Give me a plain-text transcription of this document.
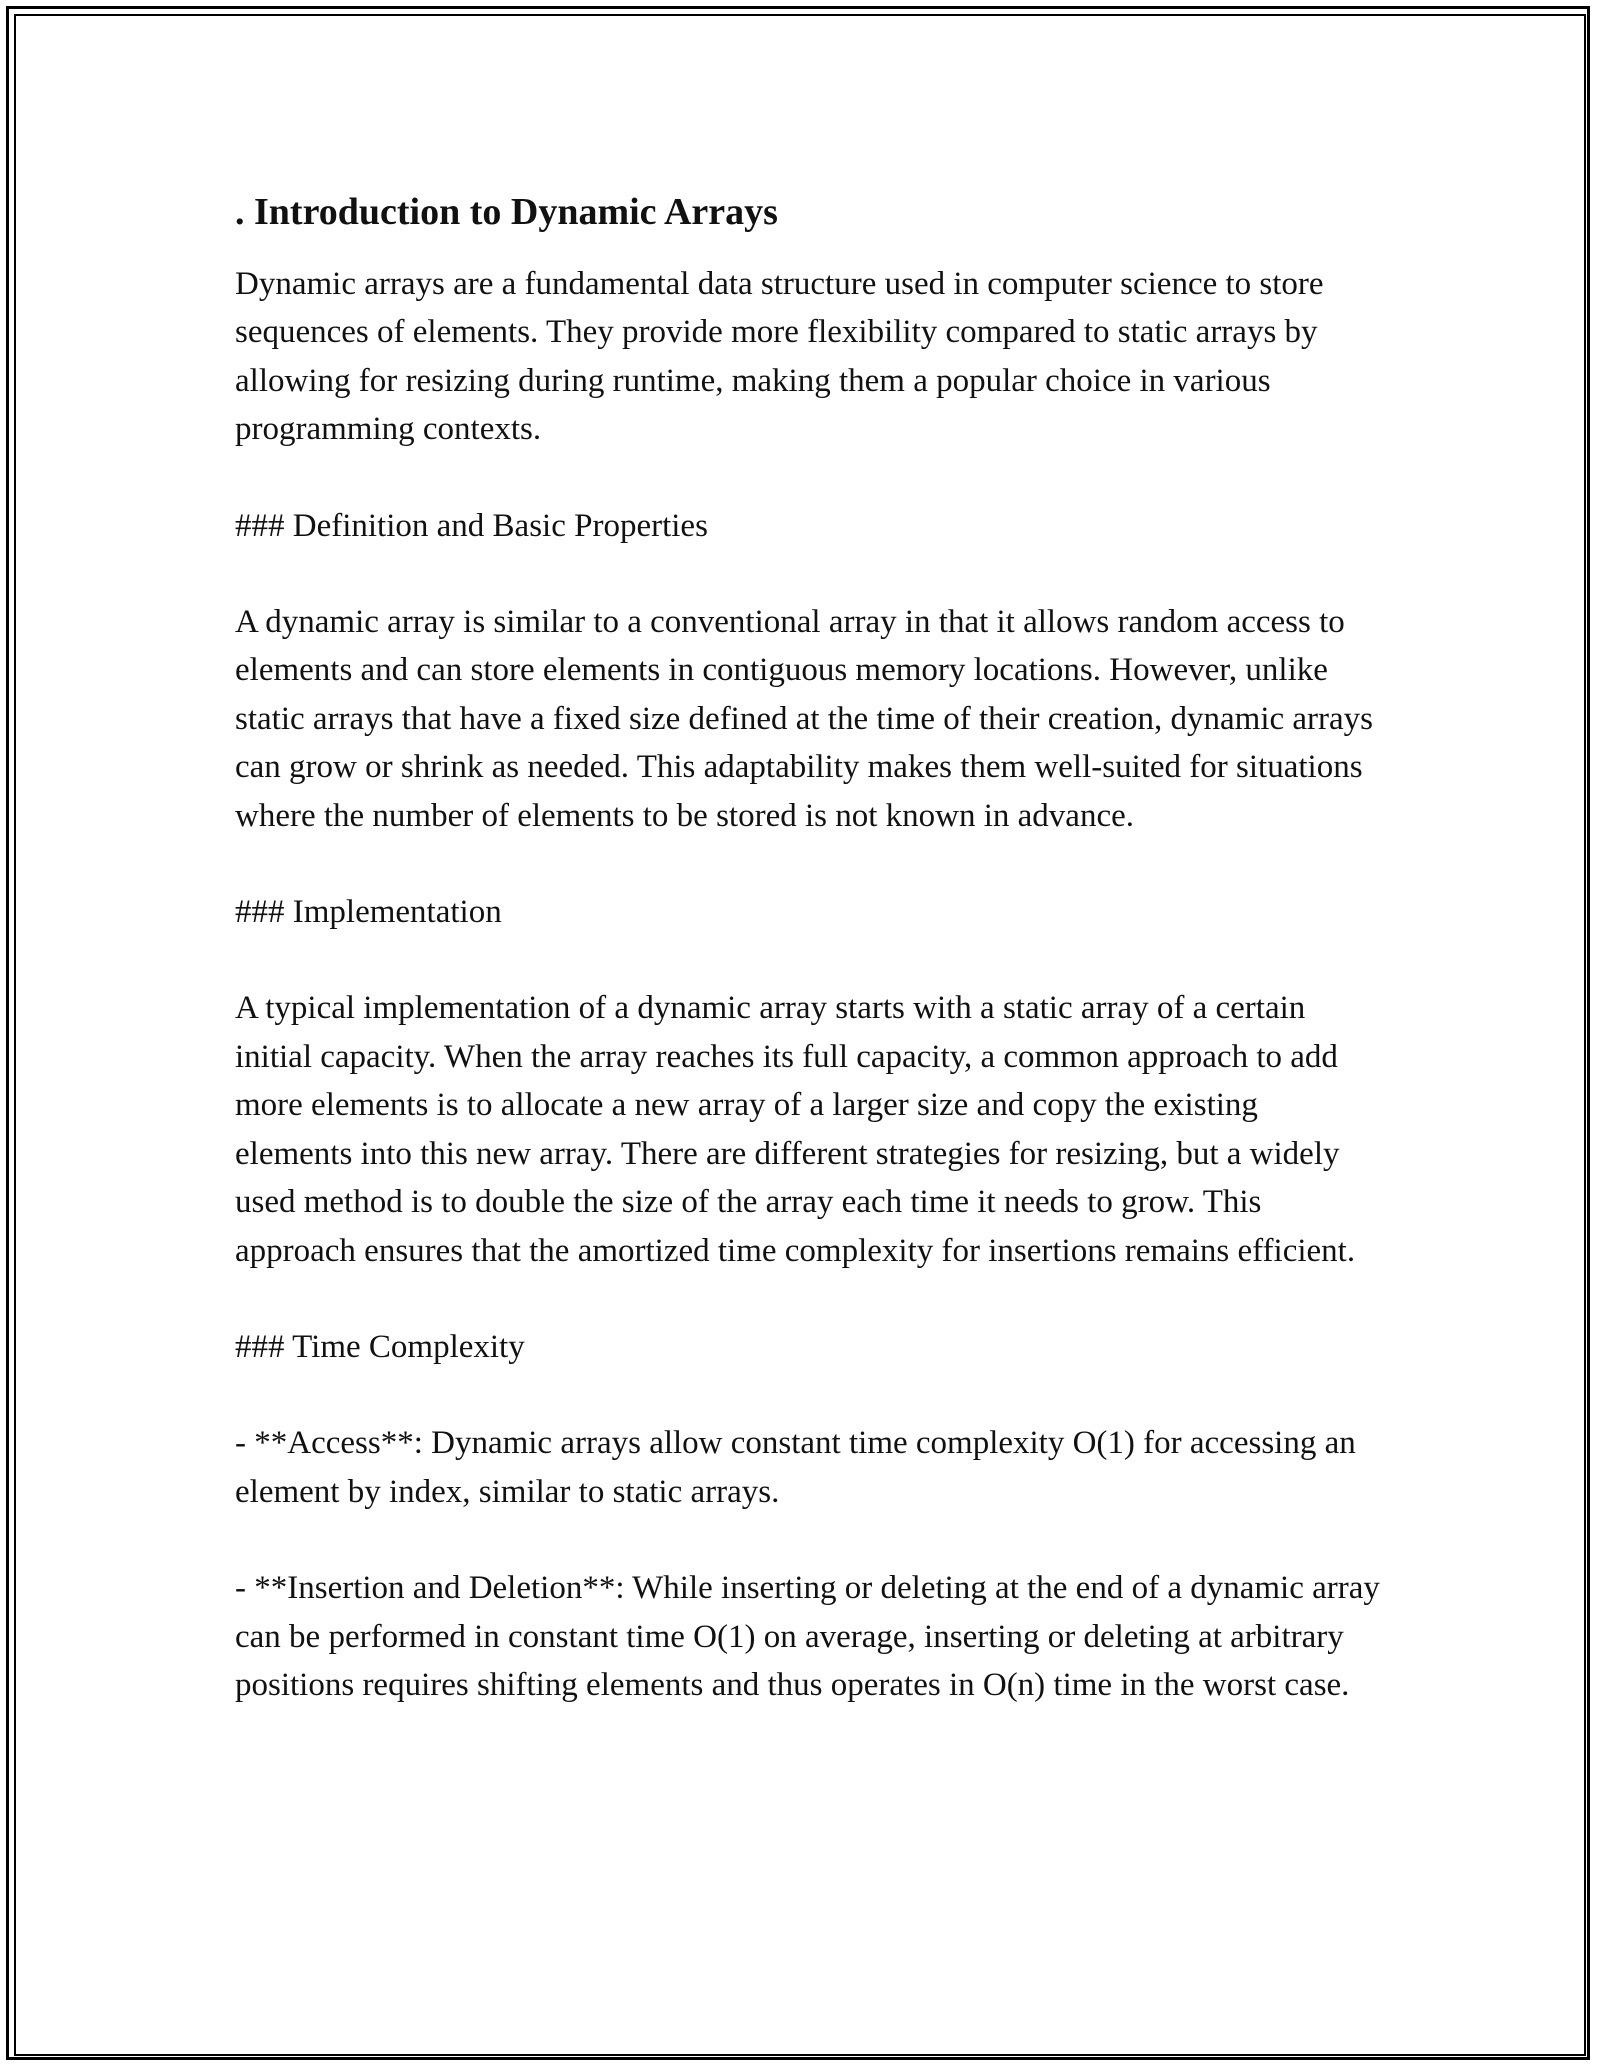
. Introduction to Dynamic Arrays
Dynamic arrays are a fundamental data structure used in computer science to store sequences of elements. They provide more flexibility compared to static arrays by allowing for resizing during runtime, making them a popular choice in various programming contexts.
### Definition and Basic Properties
A dynamic array is similar to a conventional array in that it allows random access to elements and can store elements in contiguous memory locations. However, unlike static arrays that have a fixed size defined at the time of their creation, dynamic arrays can grow or shrink as needed. This adaptability makes them well-suited for situations where the number of elements to be stored is not known in advance.
### Implementation
A typical implementation of a dynamic array starts with a static array of a certain initial capacity. When the array reaches its full capacity, a common approach to add more elements is to allocate a new array of a larger size and copy the existing elements into this new array. There are different strategies for resizing, but a widely used method is to double the size of the array each time it needs to grow. This approach ensures that the amortized time complexity for insertions remains efficient.
### Time Complexity
- **Access**: Dynamic arrays allow constant time complexity O(1) for accessing an element by index, similar to static arrays.
- **Insertion and Deletion**: While inserting or deleting at the end of a dynamic array can be performed in constant time O(1) on average, inserting or deleting at arbitrary positions requires shifting elements and thus operates in O(n) time in the worst case.
